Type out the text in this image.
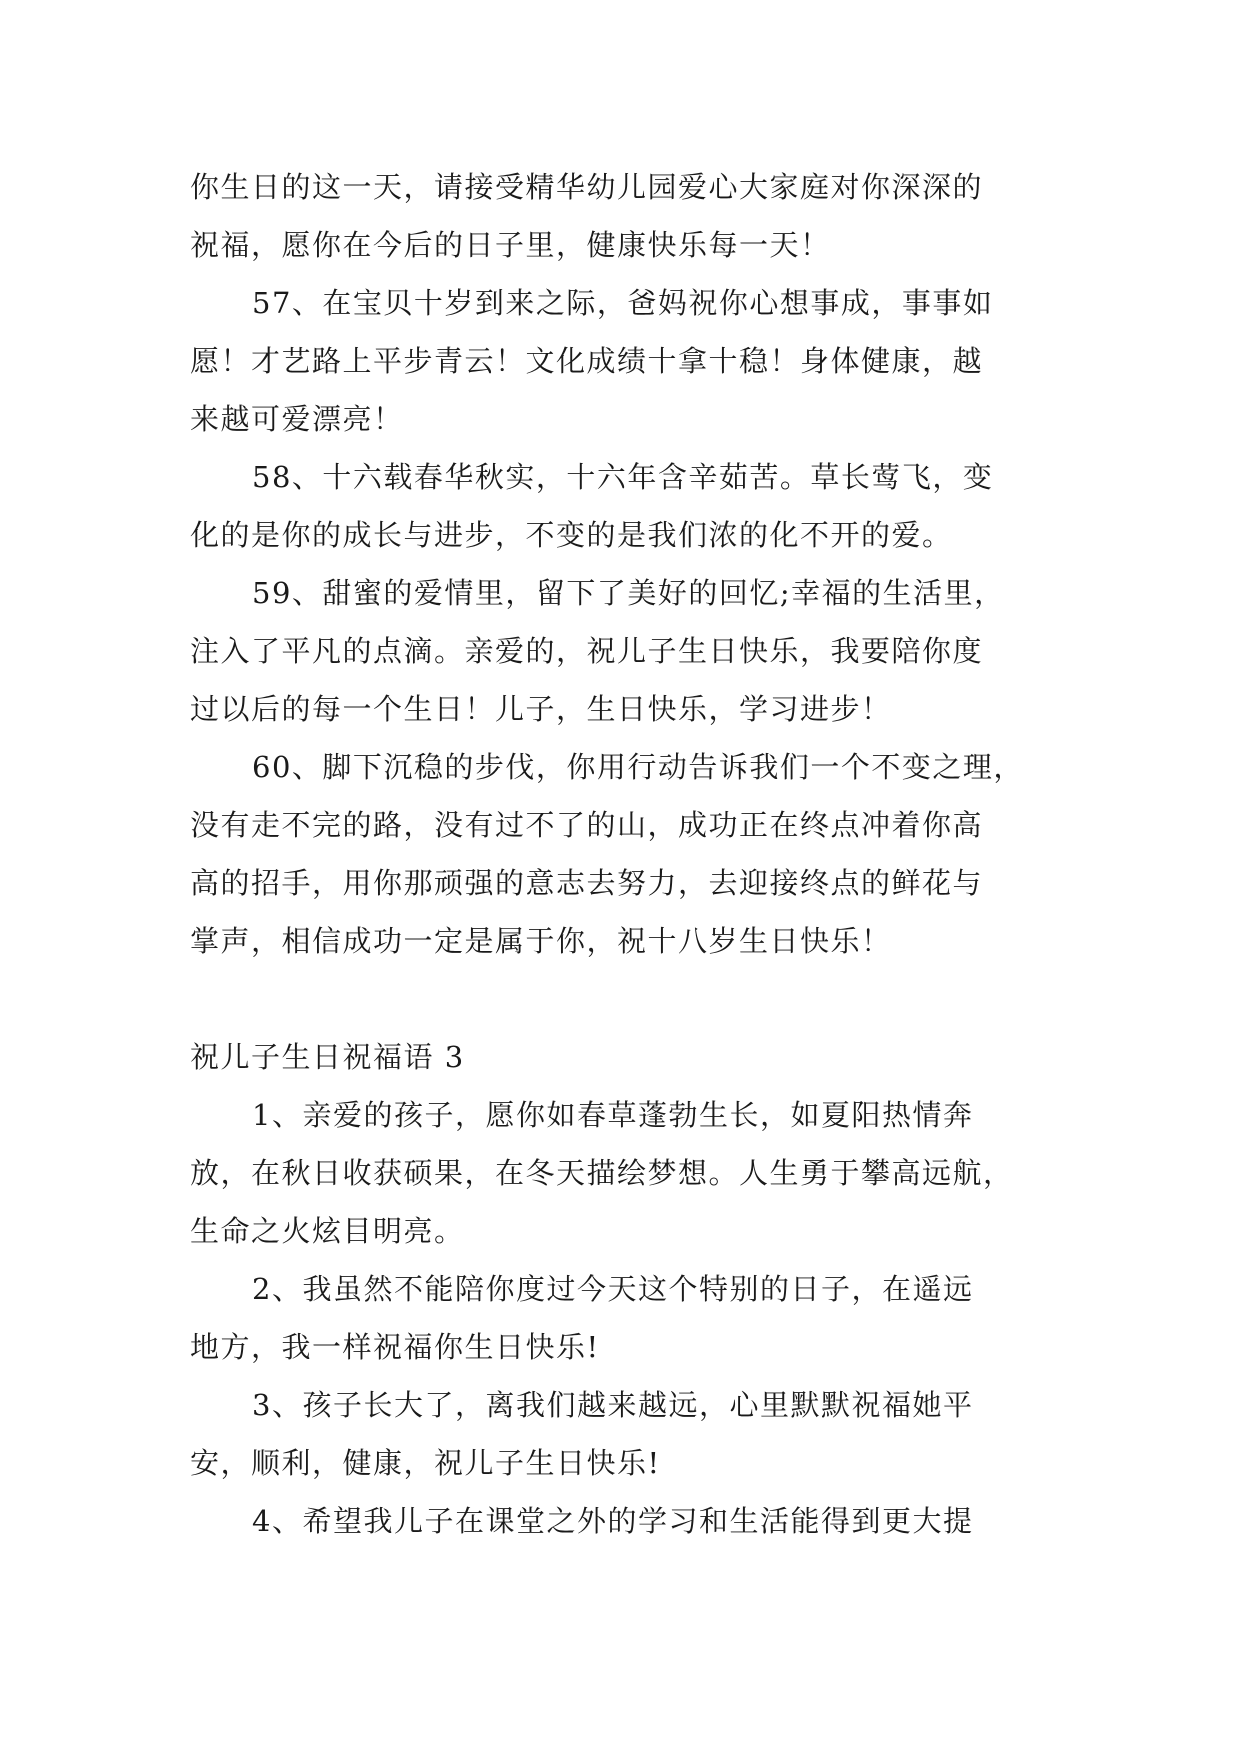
你生日的这一天，请接受精华幼儿园爱心大家庭对你深深的
祝福，愿你在今后的日子里，健康快乐每一天！
57、在宝贝十岁到来之际，爸妈祝你心想事成，事事如
愿！才艺路上平步青云！文化成绩十拿十稳！身体健康，越
来越可爱漂亮！
58、十六载春华秋实，十六年含辛茹苦。草长莺飞，变
化的是你的成长与进步，不变的是我们浓的化不开的爱。
59、甜蜜的爱情里，留下了美好的回忆;幸福的生活里，
注入了平凡的点滴。亲爱的，祝儿子生日快乐，我要陪你度
过以后的每一个生日！儿子，生日快乐，学习进步！
60、脚下沉稳的步伐，你用行动告诉我们一个不变之理，
没有走不完的路，没有过不了的山，成功正在终点冲着你高
高的招手，用你那顽强的意志去努力，去迎接终点的鲜花与
掌声，相信成功一定是属于你，祝十八岁生日快乐！
祝儿子生日祝福语 3
1、亲爱的孩子，愿你如春草蓬勃生长，如夏阳热情奔
放，在秋日收获硕果，在冬天描绘梦想。人生勇于攀高远航，
生命之火炫目明亮。
2、我虽然不能陪你度过今天这个特别的日子，在遥远
地方，我一样祝福你生日快乐!
3、孩子长大了，离我们越来越远，心里默默祝福她平
安，顺利，健康，祝儿子生日快乐!
4、希望我儿子在课堂之外的学习和生活能得到更大提
